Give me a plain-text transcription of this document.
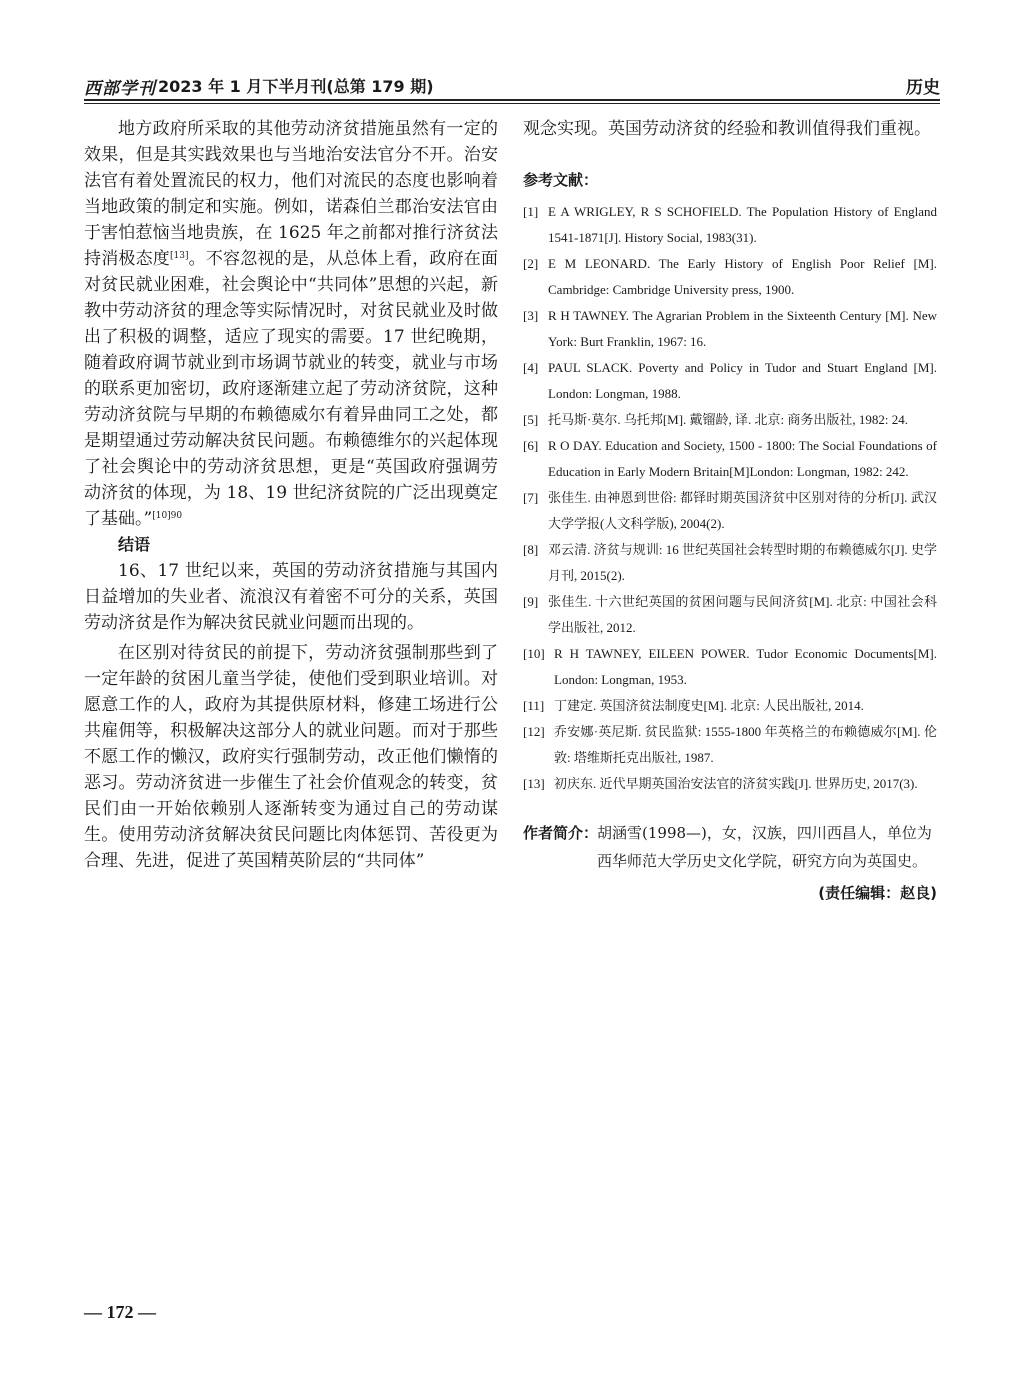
西部学刊 2023 年 1 月下半月刊(总第 179 期)	历史

地方政府所采取的其他劳动济贫措施虽然有一定的效果，但是其实践效果也与当地治安法官分不开。治安法官有着处置流民的权力，他们对流民的态度也影响着当地政策的制定和实施。例如，诺森伯兰郡治安法官由于害怕惹恼当地贵族，在 1625 年之前都对推行济贫法持消极态度[13]。不容忽视的是，从总体上看，政府在面对贫民就业困难，社会舆论中“共同体”思想的兴起，新教中劳动济贫的理念等实际情况时，对贫民就业及时做出了积极的调整，适应了现实的需要。17 世纪晚期，随着政府调节就业到市场调节就业的转变，就业与市场的联系更加密切，政府逐渐建立起了劳动济贫院，这种劳动济贫院与早期的布赖德威尔有着异曲同工之处，都是期望通过劳动解决贫民问题。布赖德维尔的兴起体现了社会舆论中的劳动济贫思想，更是“英国政府强调劳动济贫的体现，为 18、19 世纪济贫院的广泛出现奠定了基础。”$^{[10]90}$

结语

16、17 世纪以来，英国的劳动济贫措施与其国内日益增加的失业者、流浪汉有着密不可分的关系，英国劳动济贫是作为解决贫民就业问题而出现的。

在区别对待贫民的前提下，劳动济贫强制那些到了一定年龄的贫困儿童当学徒，使他们受到职业培训。对愿意工作的人，政府为其提供原材料，修建工场进行公共雇佣等，积极解决这部分人的就业问题。而对于那些不愿工作的懒汉，政府实行强制劳动，改正他们懒惰的恶习。劳动济贫进一步催生了社会价值观念的转变，贫民们由一开始依赖别人逐渐转变为通过自己的劳动谋生。使用劳动济贫解决贫民问题比肉体惩罚、苦役更为合理、先进，促进了英国精英阶层的“共同体”

观念实现。英国劳动济贫的经验和教训值得我们重视。

参考文献：
[1] E A WRIGLEY, R S SCHOFIELD. The Population History of England 1541-1871[J]. History Social, 1983(31).
[2] E M LEONARD. The Early History of English Poor Relief [M]. Cambridge: Cambridge University press, 1900.
[3] R H TAWNEY. The Agrarian Problem in the Sixteenth Century [M]. New York: Burt Franklin, 1967: 16.
[4] PAUL SLACK. Poverty and Policy in Tudor and Stuart England [M]. London: Longman, 1988.
[5] 托马斯·莫尔. 乌托邦[M]. 戴镏龄, 译. 北京: 商务出版社, 1982: 24.
[6] R O DAY. Education and Society, 1500 - 1800: The Social Foundations of Education in Early Modern Britain[M]London: Longman, 1982: 242.
[7] 张佳生. 由神恩到世俗: 都铎时期英国济贫中区别对待的分析[J]. 武汉大学学报(人文科学版), 2004(2).
[8] 邓云清. 济贫与规训: 16 世纪英国社会转型时期的布赖德威尔[J]. 史学月刊, 2015(2).
[9] 张佳生. 十六世纪英国的贫困问题与民间济贫[M]. 北京: 中国社会科学出版社, 2012.
[10] R H TAWNEY, EILEEN POWER. Tudor Economic Documents[M]. London: Longman, 1953.
[11] 丁建定. 英国济贫法制度史[M]. 北京: 人民出版社, 2014.
[12] 乔安娜·英尼斯. 贫民监狱: 1555-1800 年英格兰的布赖德威尔[M]. 伦敦: 塔维斯托克出版社, 1987.
[13] 初庆东. 近代早期英国治安法官的济贫实践[J]. 世界历史, 2017(3).
作者简介：
胡涵雪(1998—)，女，汉族，四川西昌人，单位为西华师范大学历史文化学院，研究方向为英国史。
(责任编辑：赵良)
— 172 —
